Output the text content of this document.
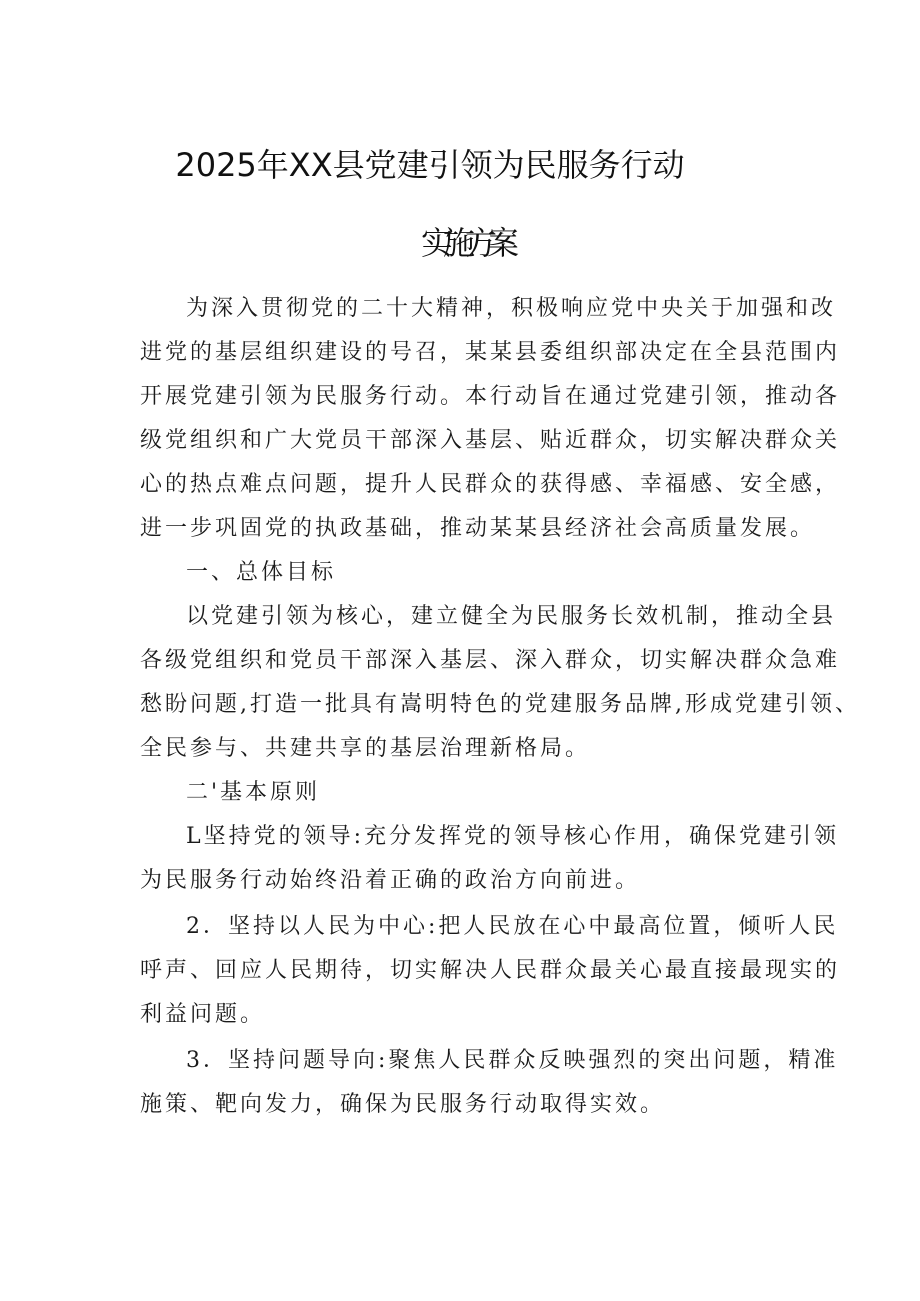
2025年XX县党建引领为民服务行动
实施方案
为深入贯彻党的二十大精神，积极响应党中央关于加强和改
进党的基层组织建设的号召，某某县委组织部决定在全县范围内
开展党建引领为民服务行动。本行动旨在通过党建引领，推动各
级党组织和广大党员干部深入基层、贴近群众，切实解决群众关
心的热点难点问题，提升人民群众的获得感、幸福感、安全感，
进一步巩固党的执政基础，推动某某县经济社会高质量发展。
一、总体目标
以党建引领为核心，建立健全为民服务长效机制，推动全县
各级党组织和党员干部深入基层、深入群众，切实解决群众急难
愁盼问题,打造一批具有嵩明特色的党建服务品牌,形成党建引领、
全民参与、共建共享的基层治理新格局。
二'基本原则
L坚持党的领导:充分发挥党的领导核心作用，确保党建引领
为民服务行动始终沿着正确的政治方向前进。
2．坚持以人民为中心:把人民放在心中最高位置，倾听人民
呼声、回应人民期待，切实解决人民群众最关心最直接最现实的
利益问题。
3．坚持问题导向:聚焦人民群众反映强烈的突出问题，精准
施策、靶向发力，确保为民服务行动取得实效。
